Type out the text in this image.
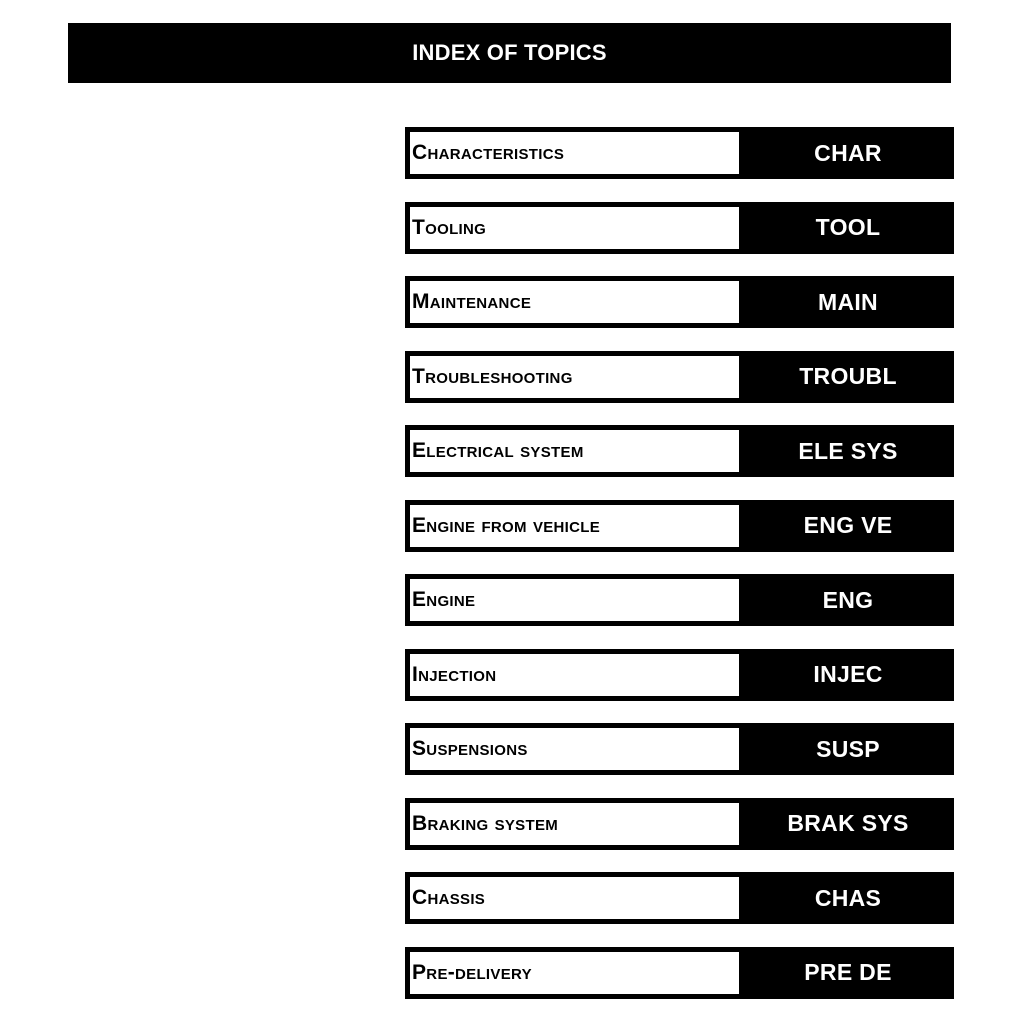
INDEX OF TOPICS
Characteristics	CHAR
Tooling	TOOL
Maintenance	MAIN
Troubleshooting	TROUBL
Electrical system	ELE SYS
Engine from vehicle	ENG VE
Engine	ENG
Injection	INJEC
Suspensions	SUSP
Braking system	BRAK SYS
Chassis	CHAS
Pre-delivery	PRE DE
